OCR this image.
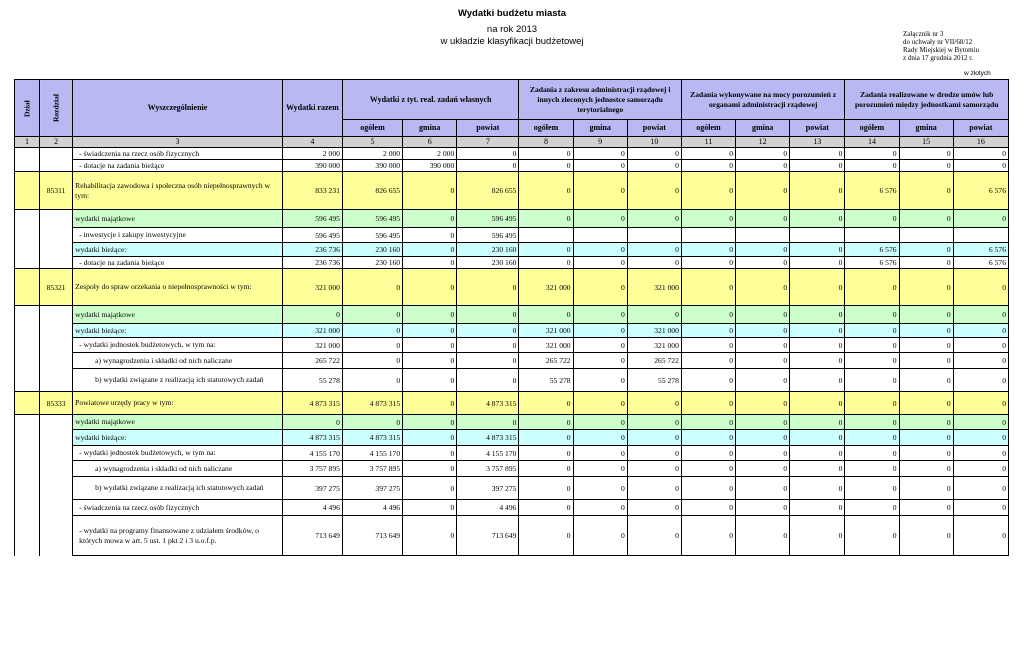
Wydatki budżetu miasta
na rok 2013
w układzie klasyfikacji budżetowej
Załącznik nr 3
do uchwały nr VII/68/12
Rady Miejskiej w Bytomiu
z dnia 17 grudnia 2012 r.
w złotych
Dział	Rozdział	Wyszczególnienie	Wydatki razem	Wydatki z tyt. real. zadań własnych			Zadania z zakresu administracji rządowej i innych zleconych jednostce samorządu terytorialnego			Zadania wykonywane na mocy porozumień z organami administracji rządowej			Zadania realizowane w drodze umów lub porozumień między jednostkami samorządu		
				ogółem	gmina	powiat	ogółem	gmina	powiat	ogółem	gmina	powiat	ogółem	gmina	powiat
1	2	3	4	5	6	7	8	9	10	11	12	13	14	15	16
		- świadczenia na rzecz osób fizycznych	2 000	2 000	2 000	0	0	0	0	0	0	0	0	0	0
		- dotacje na zadania bieżące	390 000	390 000	390 000	0	0	0	0	0	0	0	0	0	0
	85311	Rehabilitacja zawodowa i społeczna osób niepełnosprawnych w tym:	833 231	826 655	0	826 655	0	0	0	0	0	0	6 576	0	6 576
		wydatki majątkowe	596 495	596 495	0	596 495	0	0	0	0	0	0	0	0	0
		- inwestycje i zakupy inwestycyjne	596 495	596 495	0	596 495									
		wydatki bieżące:	236 736	230 160	0	230 160	0	0	0	0	0	0	6 576	0	6 576
		- dotacje na zadania bieżące	236 736	230 160	0	230 160	0	0	0	0	0	0	6 576	0	6 576
	85321	Zespoły do spraw orzekania o niepełnosprawności w tym:	321 000	0	0	0	321 000	0	321 000	0	0	0	0	0	0
		wydatki majątkowe	0	0	0	0	0	0	0	0	0	0	0	0	0
		wydatki bieżące:	321 000	0	0	0	321 000	0	321 000	0	0	0	0	0	0
		- wydatki jednostek budżetowych, w tym na:	321 000	0	0	0	321 000	0	321 000	0	0	0	0	0	0
		a) wynagrodzenia i składki od nich naliczane	265 722	0	0	0	265 722	0	265 722	0	0	0	0	0	0
		b) wydatki związane z realizacją ich statutowych zadań	55 278	0	0	0	55 278	0	55 278	0	0	0	0	0	0
	85333	Powiatowe urzędy pracy w tym:	4 873 315	4 873 315	0	4 873 315	0	0	0	0	0	0	0	0	0
		wydatki majątkowe	0	0	0	0	0	0	0	0	0	0	0	0	0
		wydatki bieżące:	4 873 315	4 873 315	0	4 873 315	0	0	0	0	0	0	0	0	0
		- wydatki jednostek budżetowych, w tym na:	4 155 170	4 155 170	0	4 155 170	0	0	0	0	0	0	0	0	0
		a) wynagrodzenia i składki od nich naliczane	3 757 895	3 757 895	0	3 757 895	0	0	0	0	0	0	0	0	0
		b) wydatki związane z realizacją ich statutowych zadań	397 275	397 275	0	397 275	0	0	0	0	0	0	0	0	0
		- świadczenia na rzecz osób fizycznych	4 496	4 496	0	4 496	0	0	0	0	0	0	0	0	0
		- wydatki na programy finansowane z udziałem środków, o których mowa w art. 5 ust. 1 pkt 2 i 3 u.o.f.p.	713 649	713 649	0	713 649	0	0	0	0	0	0	0	0	0
